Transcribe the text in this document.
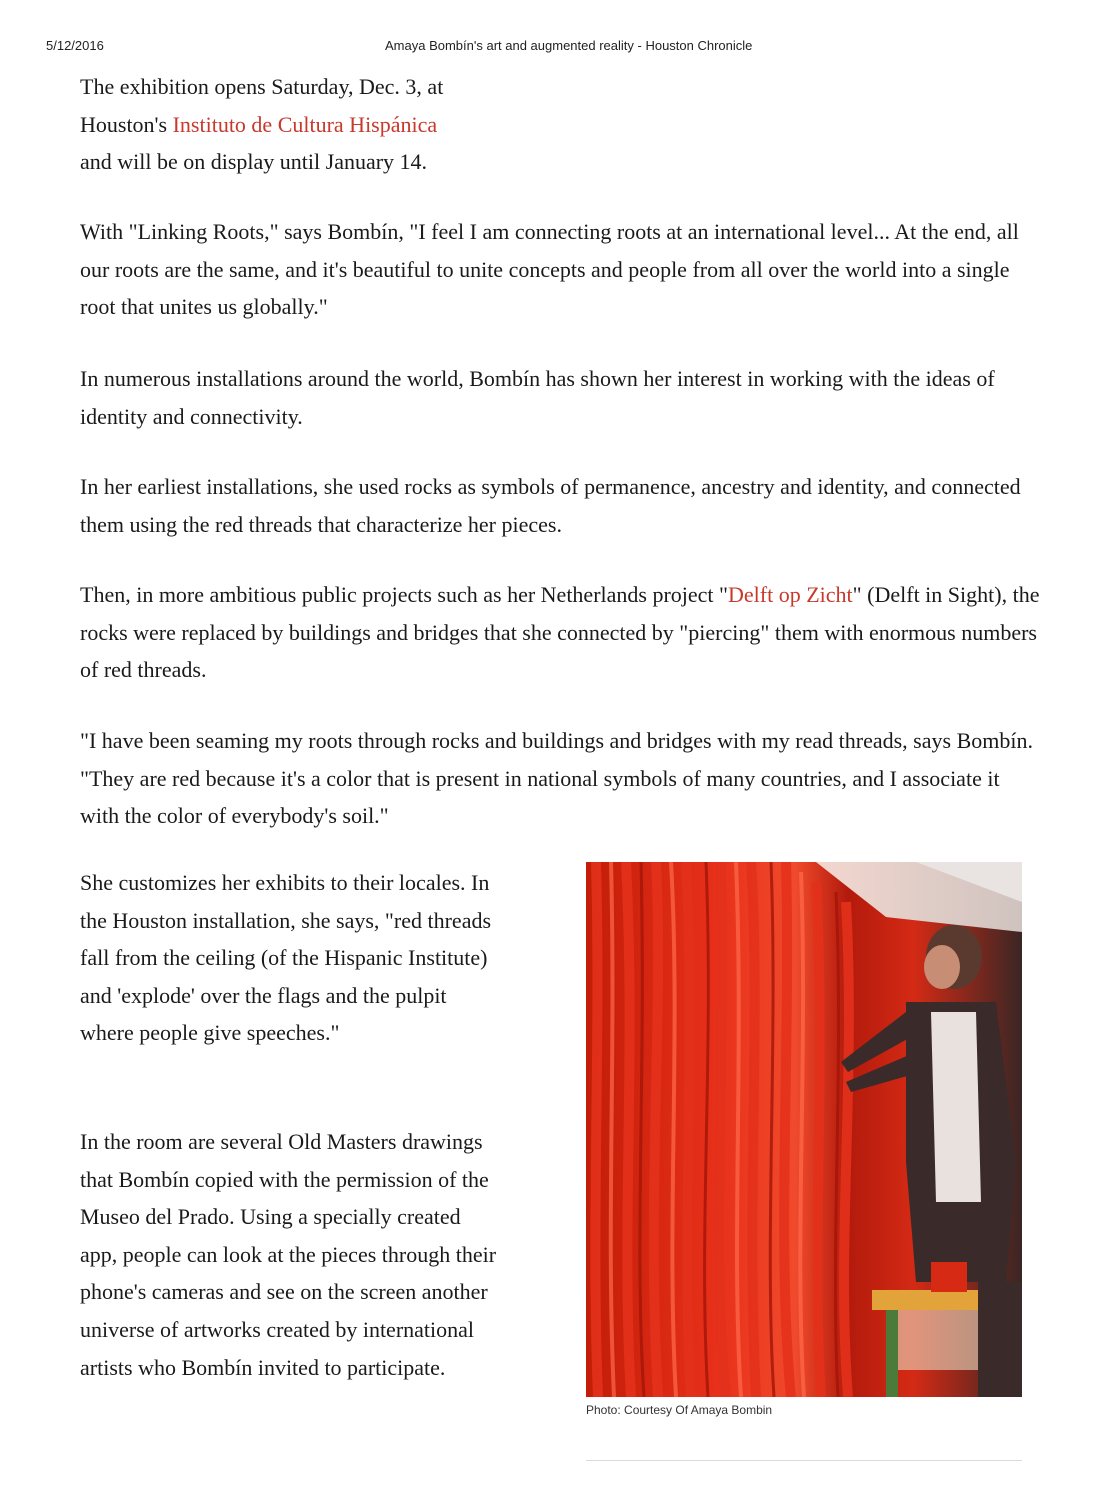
5/12/2016	Amaya Bombín's art and augmented reality - Houston Chronicle

The exhibition opens Saturday, Dec. 3, at
Houston's Instituto de Cultura Hispánica
and will be on display until January 14.

With "Linking Roots," says Bombín, "I feel I am connecting roots at an international level... At the end, all our roots are the same, and it's beautiful to unite concepts and people from all over the world into a single root that unites us globally."

In numerous installations around the world, Bombín has shown her interest in working with the ideas of identity and connectivity.

In her earliest installations, she used rocks as symbols of permanence, ancestry and identity, and connected them using the red threads that characterize her pieces.

Then, in more ambitious public projects such as her Netherlands project "Delft op Zicht" (Delft in Sight), the rocks were replaced by buildings and bridges that she connected by "piercing" them with enormous numbers of red threads.

"I have been seaming my roots through rocks and buildings and bridges with my read threads, says Bombín. "They are red because it's a color that is present in national symbols of many countries, and I associate it with the color of everybody's soil."

She customizes her exhibits to their locales. In the Houston installation, she says, "red threads fall from the ceiling (of the Hispanic Institute) and 'explode' over the flags and the pulpit where people give speeches."

In the room are several Old Masters drawings that Bombín copied with the permission of the Museo del Prado. Using a specially created app, people can look at the pieces through their phone's cameras and see on the screen another universe of artworks created by international artists who Bombín invited to participate.

Photo: Courtesy Of Amaya Bombin
